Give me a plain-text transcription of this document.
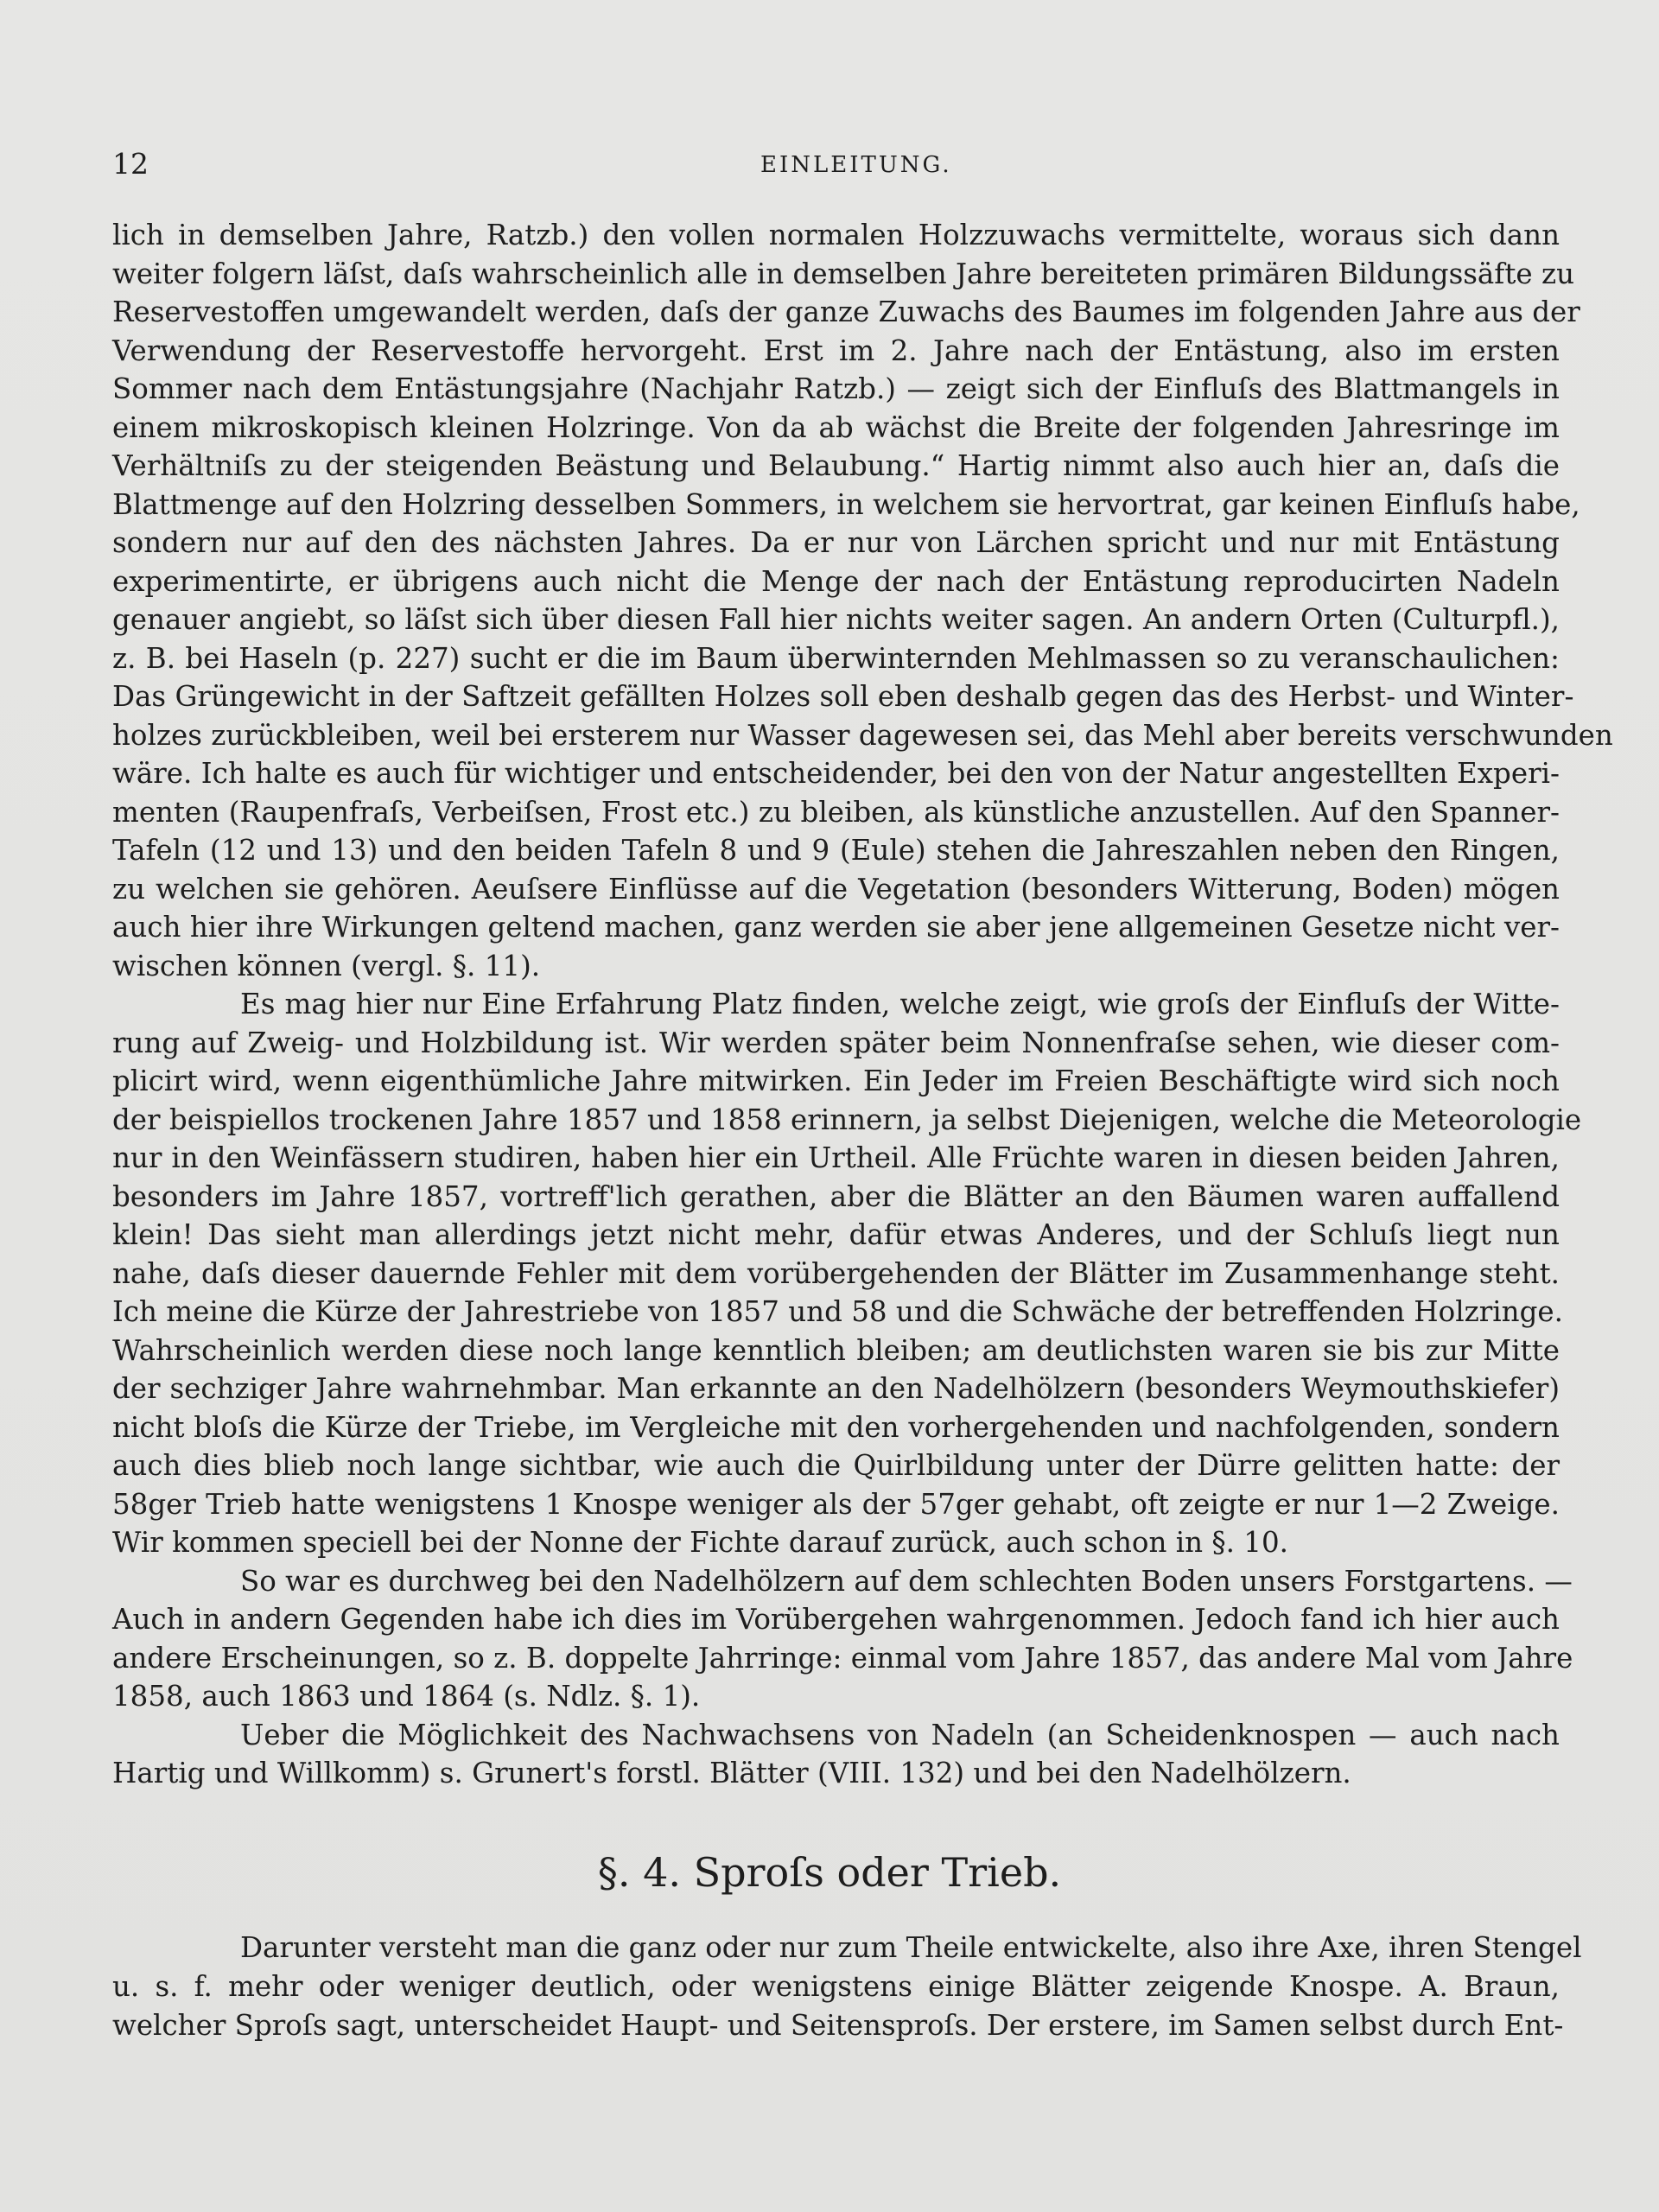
12	EINLEITUNG.
lich in demselben Jahre, Ratzb.) den vollen normalen Holzzuwachs vermittelte, woraus sich dann
weiter folgern läſst, daſs wahrscheinlich alle in demselben Jahre bereiteten primären Bildungssäfte zu
Reservestoffen umgewandelt werden, daſs der ganze Zuwachs des Baumes im folgenden Jahre aus der
Verwendung der Reservestoffe hervorgeht. Erst im 2. Jahre nach der Entästung, also im ersten
Sommer nach dem Entästungsjahre (Nachjahr Ratzb.) — zeigt sich der Einfluſs des Blattmangels in
einem mikroskopisch kleinen Holzringe. Von da ab wächst die Breite der folgenden Jahresringe im
Verhältniſs zu der steigenden Beästung und Belaubung.“ Hartig nimmt also auch hier an, daſs die
Blattmenge auf den Holzring desselben Sommers, in welchem sie hervortrat, gar keinen Einfluſs habe,
sondern nur auf den des nächsten Jahres. Da er nur von Lärchen spricht und nur mit Entästung
experimentirte, er übrigens auch nicht die Menge der nach der Entästung reproducirten Nadeln
genauer angiebt, so läſst sich über diesen Fall hier nichts weiter sagen. An andern Orten (Culturpfl.),
z. B. bei Haseln (p. 227) sucht er die im Baum überwinternden Mehlmassen so zu veranschaulichen:
Das Grüngewicht in der Saftzeit gefällten Holzes soll eben deshalb gegen das des Herbst- und Winter-
holzes zurückbleiben, weil bei ersterem nur Wasser dagewesen sei, das Mehl aber bereits verschwunden
wäre. Ich halte es auch für wichtiger und entscheidender, bei den von der Natur angestellten Experi-
menten (Raupenfraſs, Verbeiſsen, Frost etc.) zu bleiben, als künstliche anzustellen. Auf den Spanner-
Tafeln (12 und 13) und den beiden Tafeln 8 und 9 (Eule) stehen die Jahreszahlen neben den Ringen,
zu welchen sie gehören. Aeuſsere Einflüsse auf die Vegetation (besonders Witterung, Boden) mögen
auch hier ihre Wirkungen geltend machen, ganz werden sie aber jene allgemeinen Gesetze nicht ver-
wischen können (vergl. §. 11).
Es mag hier nur Eine Erfahrung Platz finden, welche zeigt, wie groſs der Einfluſs der Witte-
rung auf Zweig- und Holzbildung ist. Wir werden später beim Nonnenfraſse sehen, wie dieser com-
plicirt wird, wenn eigenthümliche Jahre mitwirken. Ein Jeder im Freien Beschäftigte wird sich noch
der beispiellos trockenen Jahre 1857 und 1858 erinnern, ja selbst Diejenigen, welche die Meteorologie
nur in den Weinfässern studiren, haben hier ein Urtheil. Alle Früchte waren in diesen beiden Jahren,
besonders im Jahre 1857, vortreff'lich gerathen, aber die Blätter an den Bäumen waren auffallend
klein! Das sieht man allerdings jetzt nicht mehr, dafür etwas Anderes, und der Schluſs liegt nun
nahe, daſs dieser dauernde Fehler mit dem vorübergehenden der Blätter im Zusammenhange steht.
Ich meine die Kürze der Jahrestriebe von 1857 und 58 und die Schwäche der betreffenden Holzringe.
Wahrscheinlich werden diese noch lange kenntlich bleiben; am deutlichsten waren sie bis zur Mitte
der sechziger Jahre wahrnehmbar. Man erkannte an den Nadelhölzern (besonders Weymouthskiefer)
nicht bloſs die Kürze der Triebe, im Vergleiche mit den vorhergehenden und nachfolgenden, sondern
auch dies blieb noch lange sichtbar, wie auch die Quirlbildung unter der Dürre gelitten hatte: der
58ger Trieb hatte wenigstens 1 Knospe weniger als der 57ger gehabt, oft zeigte er nur 1—2 Zweige.
Wir kommen speciell bei der Nonne der Fichte darauf zurück, auch schon in §. 10.
So war es durchweg bei den Nadelhölzern auf dem schlechten Boden unsers Forstgartens. —
Auch in andern Gegenden habe ich dies im Vorübergehen wahrgenommen. Jedoch fand ich hier auch
andere Erscheinungen, so z. B. doppelte Jahrringe: einmal vom Jahre 1857, das andere Mal vom Jahre
1858, auch 1863 und 1864 (s. Ndlz. §. 1).
Ueber die Möglichkeit des Nachwachsens von Nadeln (an Scheidenknospen — auch nach
Hartig und Willkomm) s. Grunert's forstl. Blätter (VIII. 132) und bei den Nadelhölzern.
§. 4. Sproſs oder Trieb.
Darunter versteht man die ganz oder nur zum Theile entwickelte, also ihre Axe, ihren Stengel
u. s. f. mehr oder weniger deutlich, oder wenigstens einige Blätter zeigende Knospe. A. Braun,
welcher Sproſs sagt, unterscheidet Haupt- und Seitensproſs. Der erstere, im Samen selbst durch Ent-
